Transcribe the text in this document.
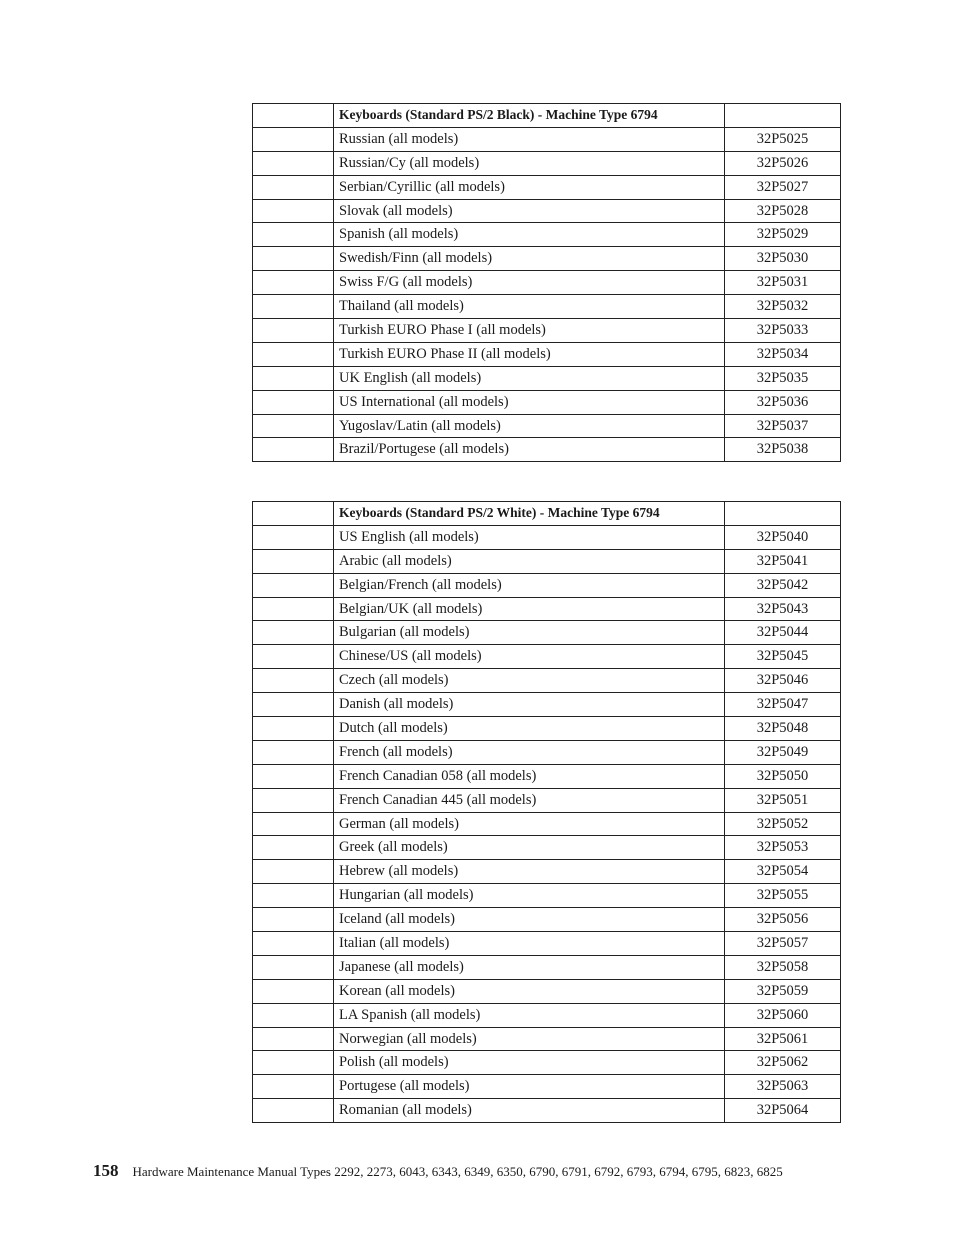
	Keyboards (Standard PS/2 Black) - Machine Type 6794	
	Russian (all models)	32P5025
	Russian/Cy (all models)	32P5026
	Serbian/Cyrillic (all models)	32P5027
	Slovak (all models)	32P5028
	Spanish (all models)	32P5029
	Swedish/Finn (all models)	32P5030
	Swiss F/G (all models)	32P5031
	Thailand (all models)	32P5032
	Turkish EURO Phase I (all models)	32P5033
	Turkish EURO Phase II (all models)	32P5034
	UK English (all models)	32P5035
	US International (all models)	32P5036
	Yugoslav/Latin (all models)	32P5037
	Brazil/Portugese (all models)	32P5038
	Keyboards (Standard PS/2 White) - Machine Type 6794	
	US English (all models)	32P5040
	Arabic (all models)	32P5041
	Belgian/French (all models)	32P5042
	Belgian/UK (all models)	32P5043
	Bulgarian (all models)	32P5044
	Chinese/US (all models)	32P5045
	Czech (all models)	32P5046
	Danish (all models)	32P5047
	Dutch (all models)	32P5048
	French (all models)	32P5049
	French Canadian 058 (all models)	32P5050
	French Canadian 445 (all models)	32P5051
	German (all models)	32P5052
	Greek (all models)	32P5053
	Hebrew (all models)	32P5054
	Hungarian (all models)	32P5055
	Iceland (all models)	32P5056
	Italian (all models)	32P5057
	Japanese (all models)	32P5058
	Korean (all models)	32P5059
	LA Spanish (all models)	32P5060
	Norwegian (all models)	32P5061
	Polish (all models)	32P5062
	Portugese (all models)	32P5063
	Romanian (all models)	32P5064
158 Hardware Maintenance Manual Types 2292, 2273, 6043, 6343, 6349, 6350, 6790, 6791, 6792, 6793, 6794, 6795, 6823, 6825
